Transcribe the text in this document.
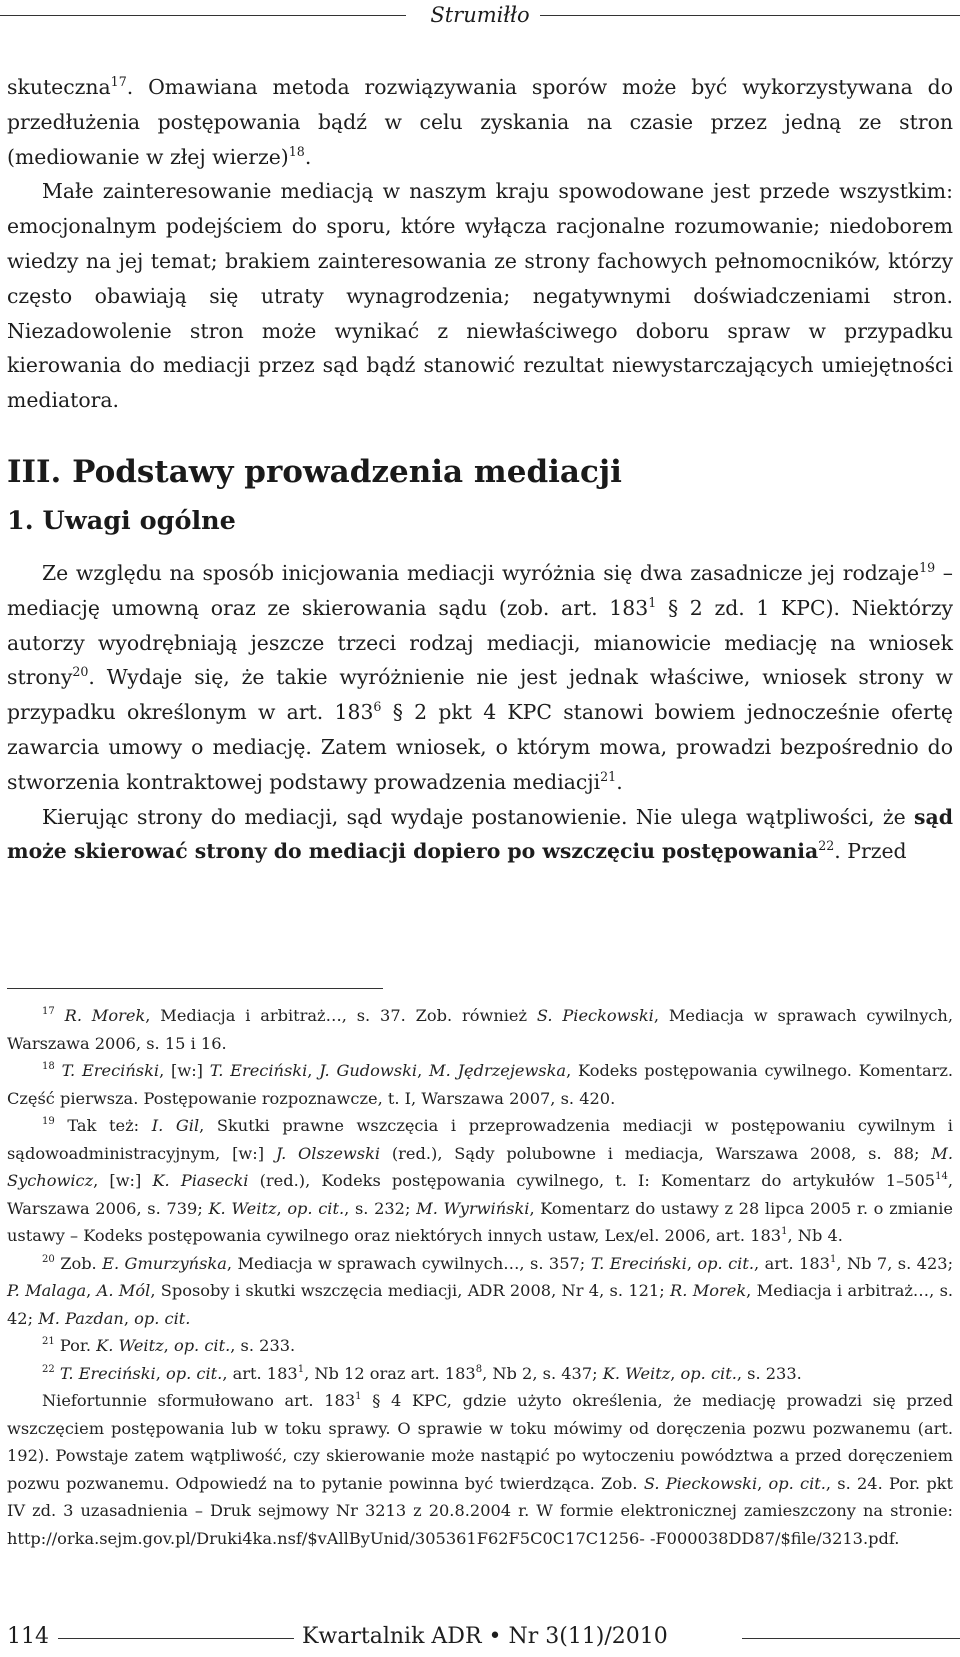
Strumiłło

skuteczna$^{17}$. Omawiana metoda rozwiązywania sporów może być wykorzystywana do przedłużenia postępowania bądź w celu zyskania na czasie przez jedną ze stron (mediowanie w złej wierze)$^{18}$.

Małe zainteresowanie mediacją w naszym kraju spowodowane jest przede wszystkim: emocjonalnym podejściem do sporu, które wyłącza racjonalne rozumowanie; niedoborem wiedzy na jej temat; brakiem zainteresowania ze strony fachowych pełnomocników, którzy często obawiają się utraty wynagrodzenia; negatywnymi doświadczeniami stron. Niezadowolenie stron może wynikać z niewłaściwego doboru spraw w przypadku kierowania do mediacji przez sąd bądź stanowić rezultat niewystarczających umiejętności mediatora.

III. Podstawy prowadzenia mediacji
1. Uwagi ogólne

Ze względu na sposób inicjowania mediacji wyróżnia się dwa zasadnicze jej rodzaje$^{19}$ – mediację umowną oraz ze skierowania sądu (zob. art. $183^1$ § 2 zd. 1 KPC). Niektórzy autorzy wyodrębniają jeszcze trzeci rodzaj mediacji, mianowicie mediację na wniosek strony$^{20}$. Wydaje się, że takie wyróżnienie nie jest jednak właściwe, wniosek strony w przypadku określonym w art. $183^6$ § 2 pkt 4 KPC stanowi bowiem jednocześnie ofertę zawarcia umowy o mediację. Zatem wniosek, o którym mowa, prowadzi bezpośrednio do stworzenia kontraktowej podstawy prowadzenia mediacji$^{21}$.

Kierując strony do mediacji, sąd wydaje postanowienie. Nie ulega wątpliwości, że sąd może skierować strony do mediacji dopiero po wszczęciu postępowania$^{22}$. Przed

$^{17}$ R. Morek, Mediacja i arbitraż…, s. 37. Zob. również S. Pieckowski, Mediacja w sprawach cywilnych, Warszawa 2006, s. 15 i 16.

$^{18}$ T. Ereciński, [w:] T. Ereciński, J. Gudowski, M. Jędrzejewska, Kodeks postępowania cywilnego. Komentarz. Część pierwsza. Postępowanie rozpoznawcze, t. I, Warszawa 2007, s. 420.

$^{19}$ Tak też: I. Gil, Skutki prawne wszczęcia i przeprowadzenia mediacji w postępowaniu cywilnym i sądowoadministracyjnym, [w:] J. Olszewski (red.), Sądy polubowne i mediacja, Warszawa 2008, s. 88; M. Sychowicz, [w:] K. Piasecki (red.), Kodeks postępowania cywilnego, t. I: Komentarz do artykułów $1-505^{14}$, Warszawa 2006, s. 739; K. Weitz, op. cit., s. 232; M. Wyrwiński, Komentarz do ustawy z 28 lipca 2005 r. o zmianie ustawy – Kodeks postępowania cywilnego oraz niektórych innych ustaw, Lex/el. 2006, art. $183^1$, Nb 4.

$^{20}$ Zob. E. Gmurzyńska, Mediacja w sprawach cywilnych…, s. 357; T. Ereciński, op. cit., art. $183^1$, Nb 7, s. 423; P. Malaga, A. Mól, Sposoby i skutki wszczęcia mediacji, ADR 2008, Nr 4, s. 121; R. Morek, Mediacja i arbitraż…, s. 42; M. Pazdan, op. cit.

$^{21}$ Por. K. Weitz, op. cit., s. 233.

$^{22}$ T. Ereciński, op. cit., art. $183^1$, Nb 12 oraz art. $183^8$, Nb 2, s. 437; K. Weitz, op. cit., s. 233.

Niefortunnie sformułowano art. $183^1$ § 4 KPC, gdzie użyto określenia, że mediację prowadzi się przed wszczęciem postępowania lub w toku sprawy. O sprawie w toku mówimy od doręczenia pozwu pozwanemu (art. 192). Powstaje zatem wątpliwość, czy skierowanie może nastąpić po wytoczeniu powództwa a przed doręczeniem pozwu pozwanemu. Odpowiedź na to pytanie powinna być twierdząca. Zob. S. Pieckowski, op. cit., s. 24. Por. pkt IV zd. 3 uzasadnienia – Druk sejmowy Nr 3213 z 20.8.2004 r. W formie elektronicznej zamieszczony na stronie: http://orka.sejm.gov.pl/Druki4ka.nsf/$vAllByUnid/305361F62F5C0C17C1256- -F000038DD87/$file/3213.pdf.

114	Kwartalnik ADR • Nr 3(11)/2010
